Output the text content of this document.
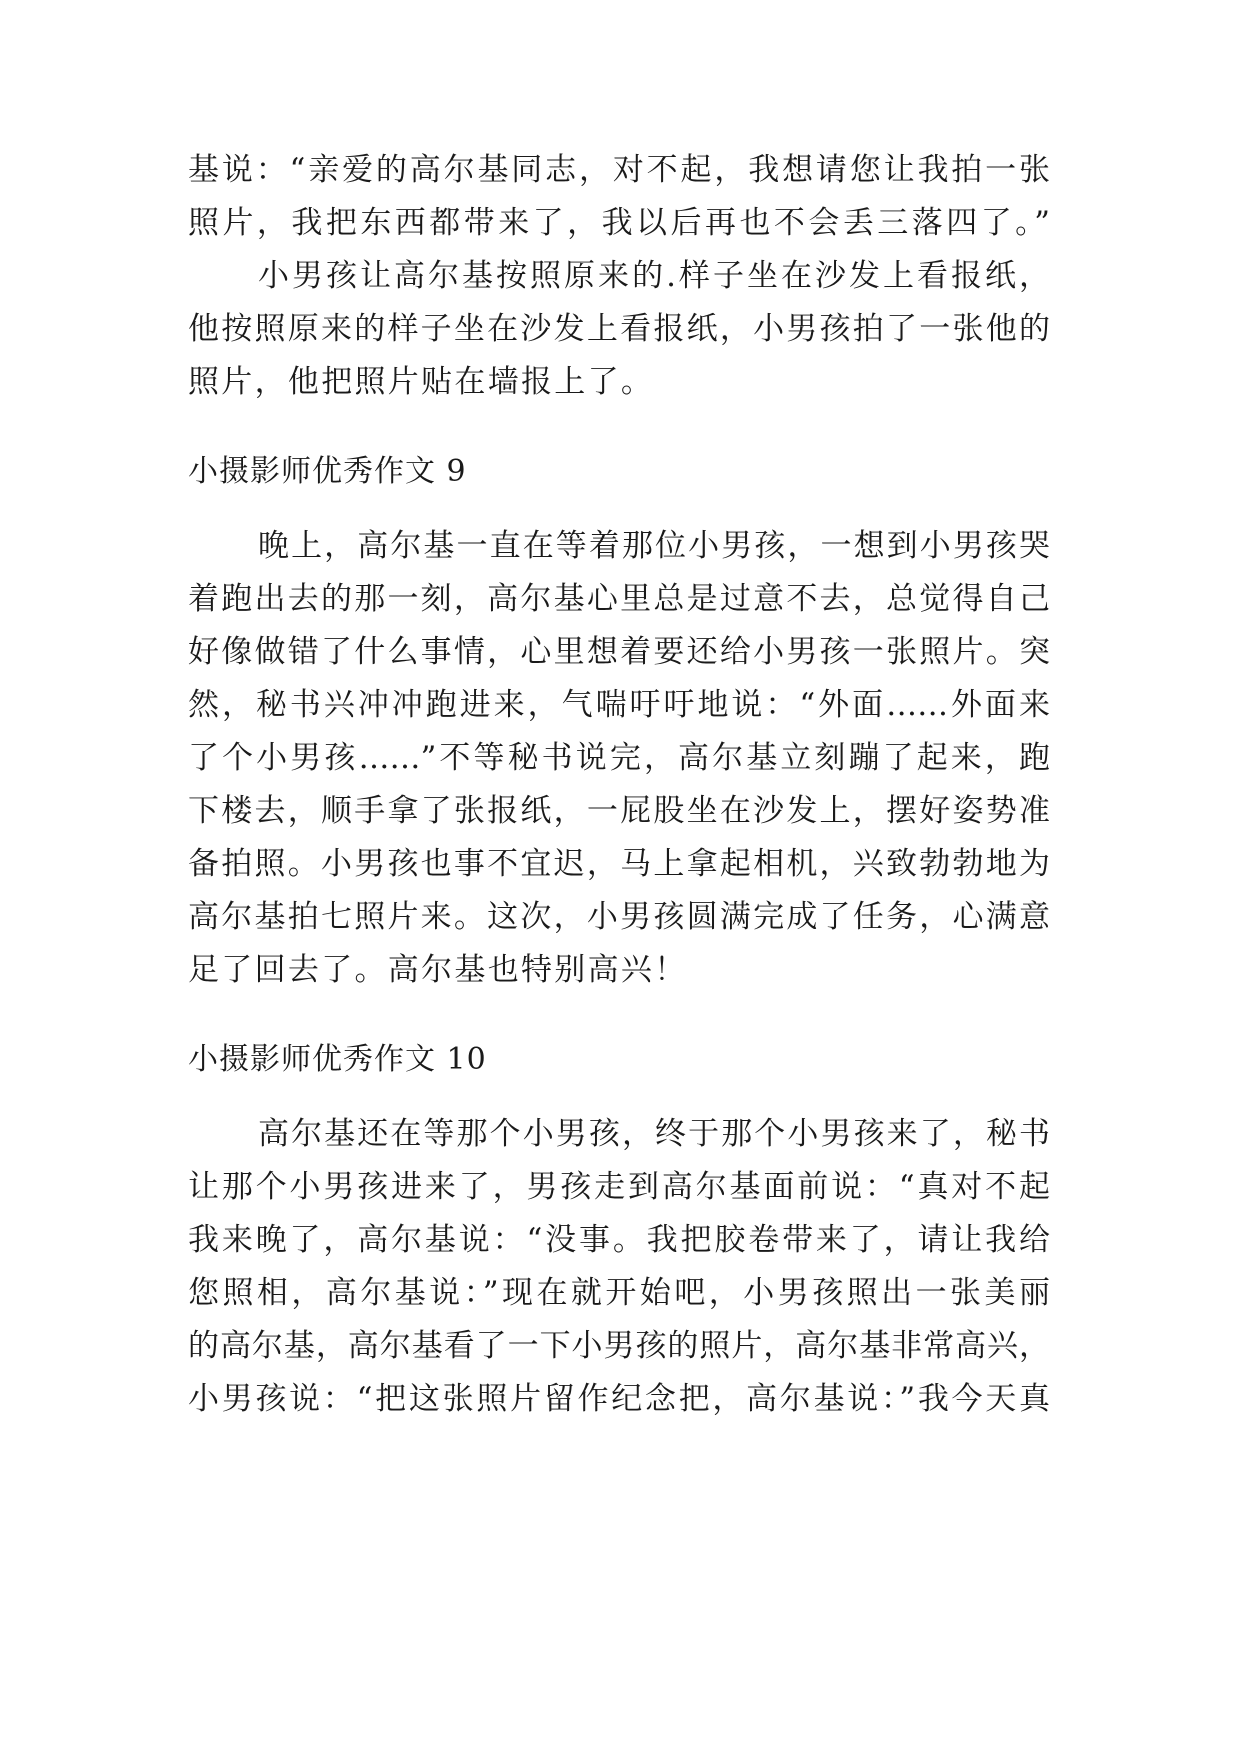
基说：“亲爱的高尔基同志，对不起，我想请您让我拍一张
照片，我把东西都带来了，我以后再也不会丢三落四了。”
小男孩让高尔基按照原来的.样子坐在沙发上看报纸，
他按照原来的样子坐在沙发上看报纸，小男孩拍了一张他的
照片，他把照片贴在墙报上了。
小摄影师优秀作文 9
晚上，高尔基一直在等着那位小男孩，一想到小男孩哭
着跑出去的那一刻，高尔基心里总是过意不去，总觉得自己
好像做错了什么事情，心里想着要还给小男孩一张照片。突
然，秘书兴冲冲跑进来，气喘吁吁地说：“外面……外面来
了个小男孩……”不等秘书说完，高尔基立刻蹦了起来，跑
下楼去，顺手拿了张报纸，一屁股坐在沙发上，摆好姿势准
备拍照。小男孩也事不宜迟，马上拿起相机，兴致勃勃地为
高尔基拍七照片来。这次，小男孩圆满完成了任务，心满意
足了回去了。高尔基也特别高兴！
小摄影师优秀作文 10
高尔基还在等那个小男孩，终于那个小男孩来了，秘书
让那个小男孩进来了，男孩走到高尔基面前说：“真对不起
我来晚了，高尔基说：“没事。我把胶卷带来了，请让我给
您照相，高尔基说：”现在就开始吧，小男孩照出一张美丽
的高尔基，高尔基看了一下小男孩的照片，高尔基非常高兴，
小男孩说：“把这张照片留作纪念把，高尔基说：”我今天真
